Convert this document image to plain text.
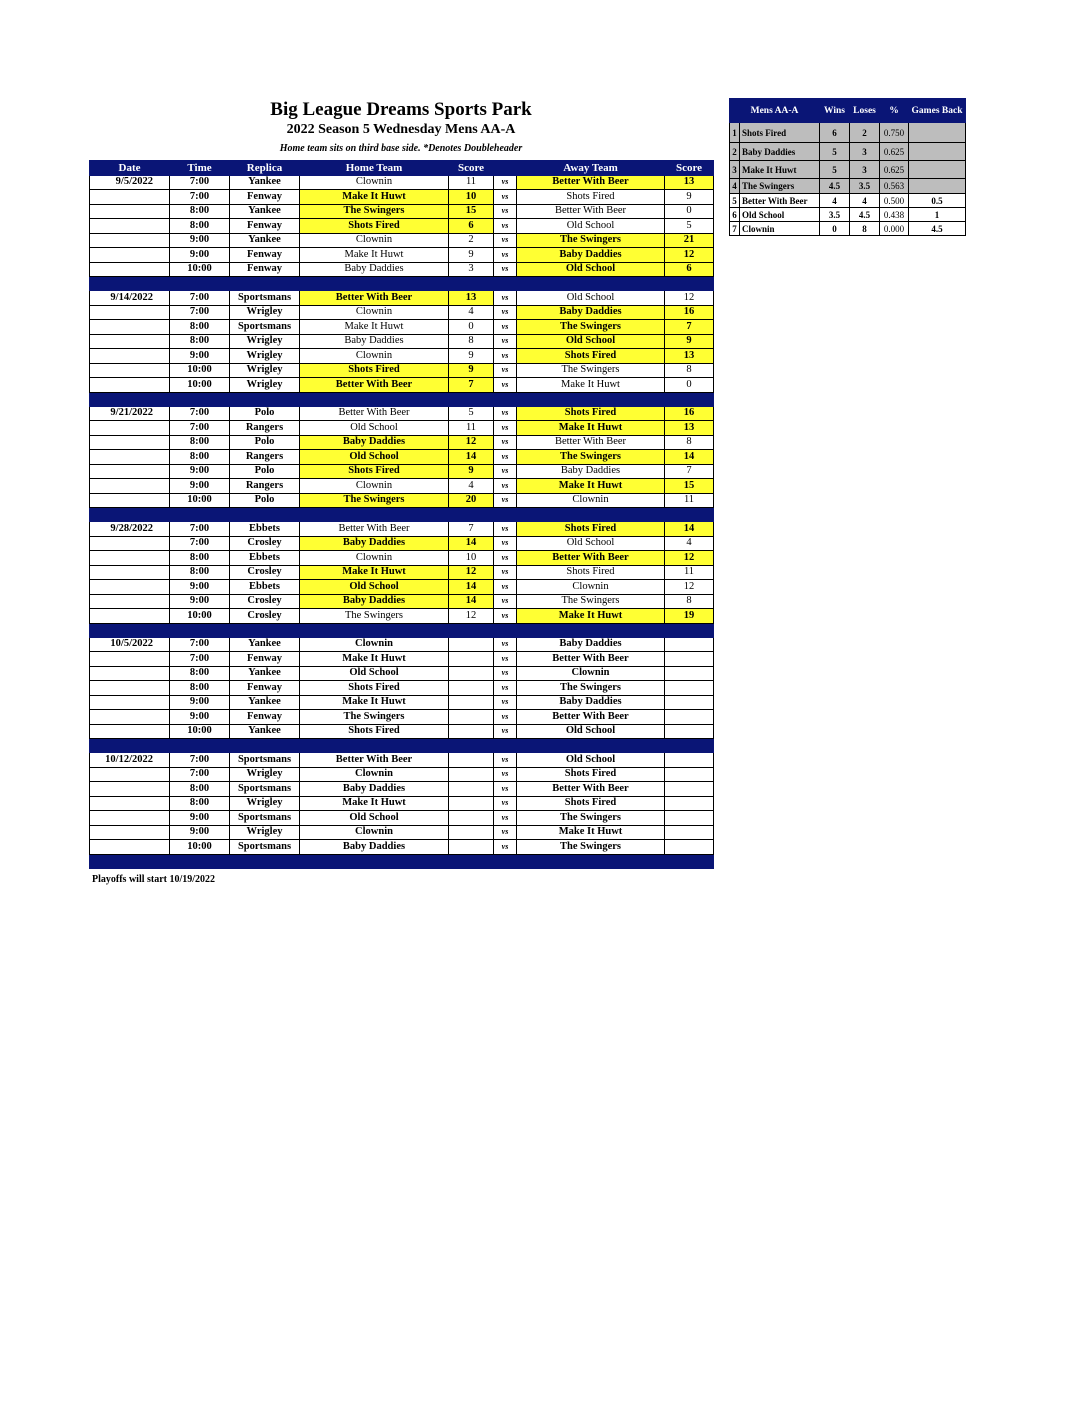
Big League Dreams Sports Park
2022 Season 5 Wednesday Mens AA-A
Home team sits on third base side. *Denotes Doubleheader
Date	Time	Replica	Home Team	Score		Away Team	Score
9/5/2022	7:00	Yankee	Clownin	11	vs	Better With Beer	13
	7:00	Fenway	Make It Huwt	10	vs	Shots Fired	9
	8:00	Yankee	The Swingers	15	vs	Better With Beer	0
	8:00	Fenway	Shots Fired	6	vs	Old School	5
	9:00	Yankee	Clownin	2	vs	The Swingers	21
	9:00	Fenway	Make It Huwt	9	vs	Baby Daddies	12
	10:00	Fenway	Baby Daddies	3	vs	Old School	6

9/14/2022	7:00	Sportsmans	Better With Beer	13	vs	Old School	12
	7:00	Wrigley	Clownin	4	vs	Baby Daddies	16
	8:00	Sportsmans	Make It Huwt	0	vs	The Swingers	7
	8:00	Wrigley	Baby Daddies	8	vs	Old School	9
	9:00	Wrigley	Clownin	9	vs	Shots Fired	13
	10:00	Wrigley	Shots Fired	9	vs	The Swingers	8
	10:00	Wrigley	Better With Beer	7	vs	Make It Huwt	0

9/21/2022	7:00	Polo	Better With Beer	5	vs	Shots Fired	16
	7:00	Rangers	Old School	11	vs	Make It Huwt	13
	8:00	Polo	Baby Daddies	12	vs	Better With Beer	8
	8:00	Rangers	Old School	14	vs	The Swingers	14
	9:00	Polo	Shots Fired	9	vs	Baby Daddies	7
	9:00	Rangers	Clownin	4	vs	Make It Huwt	15
	10:00	Polo	The Swingers	20	vs	Clownin	11

9/28/2022	7:00	Ebbets	Better With Beer	7	vs	Shots Fired	14
	7:00	Crosley	Baby Daddies	14	vs	Old School	4
	8:00	Ebbets	Clownin	10	vs	Better With Beer	12
	8:00	Crosley	Make It Huwt	12	vs	Shots Fired	11
	9:00	Ebbets	Old School	14	vs	Clownin	12
	9:00	Crosley	Baby Daddies	14	vs	The Swingers	8
	10:00	Crosley	The Swingers	12	vs	Make It Huwt	19

10/5/2022	7:00	Yankee	Clownin		vs	Baby Daddies	
	7:00	Fenway	Make It Huwt		vs	Better With Beer	
	8:00	Yankee	Old School		vs	Clownin	
	8:00	Fenway	Shots Fired		vs	The Swingers	
	9:00	Yankee	Make It Huwt		vs	Baby Daddies	
	9:00	Fenway	The Swingers		vs	Better With Beer	
	10:00	Yankee	Shots Fired		vs	Old School	

10/12/2022	7:00	Sportsmans	Better With Beer		vs	Old School	
	7:00	Wrigley	Clownin		vs	Shots Fired	
	8:00	Sportsmans	Baby Daddies		vs	Better With Beer	
	8:00	Wrigley	Make It Huwt		vs	Shots Fired	
	9:00	Sportsmans	Old School		vs	The Swingers	
	9:00	Wrigley	Clownin		vs	Make It Huwt	
	10:00	Sportsmans	Baby Daddies		vs	The Swingers	

Playoffs will start 10/19/2022
Mens AA-A		Wins	Loses	%	Games Back
1	Shots Fired	6	2	0.750	
2	Baby Daddies	5	3	0.625	
3	Make It Huwt	5	3	0.625	
4	The Swingers	4.5	3.5	0.563	
5	Better With Beer	4	4	0.500	0.5
6	Old School	3.5	4.5	0.438	1
7	Clownin	0	8	0.000	4.5
